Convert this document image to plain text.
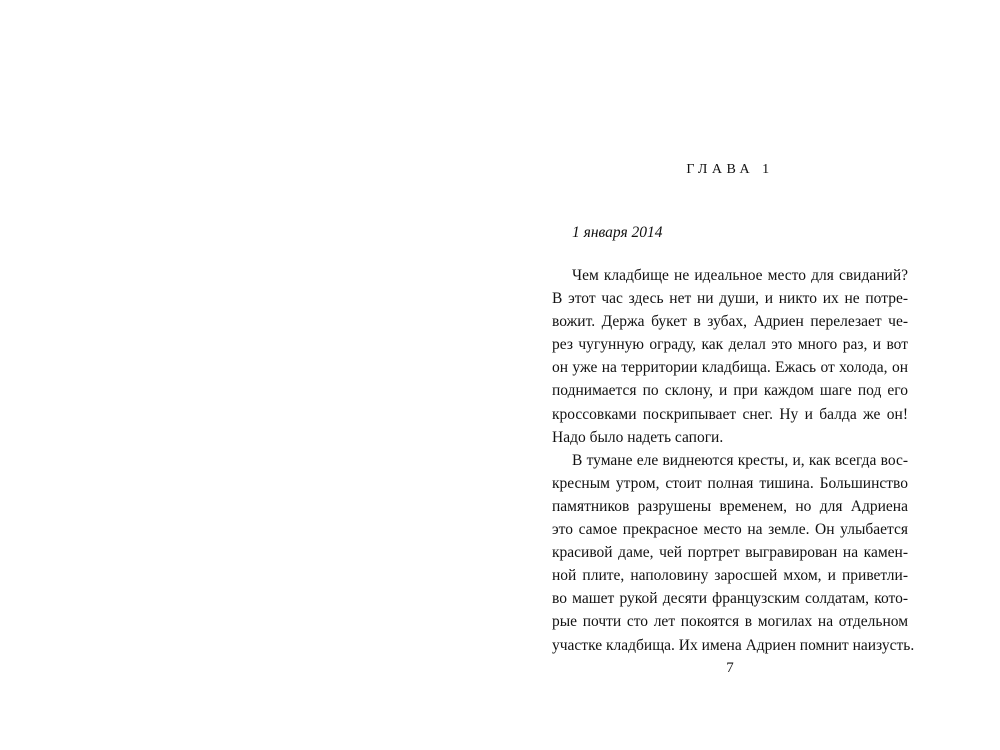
ГЛАВА 1
1 января 2014
Чем кладбище не идеальное место для свиданий?
В этот час здесь нет ни души, и никто их не потре-
вожит. Держа букет в зубах, Адриен перелезает че-
рез чугунную ограду, как делал это много раз, и вот
он уже на территории кладбища. Ежась от холода, он
поднимается по склону, и при каждом шаге под его
кроссовками поскрипывает снег. Ну и балда же он!
Надо было надеть сапоги.
В тумане еле виднеются кресты, и, как всегда вос-
кресным утром, стоит полная тишина. Большинство
памятников разрушены временем, но для Адриена
это самое прекрасное место на земле. Он улыбается
красивой даме, чей портрет выгравирован на камен-
ной плите, наполовину заросшей мхом, и приветли-
во машет рукой десяти французским солдатам, кото-
рые почти сто лет покоятся в могилах на отдельном
участке кладбища. Их имена Адриен помнит наизусть.
7
